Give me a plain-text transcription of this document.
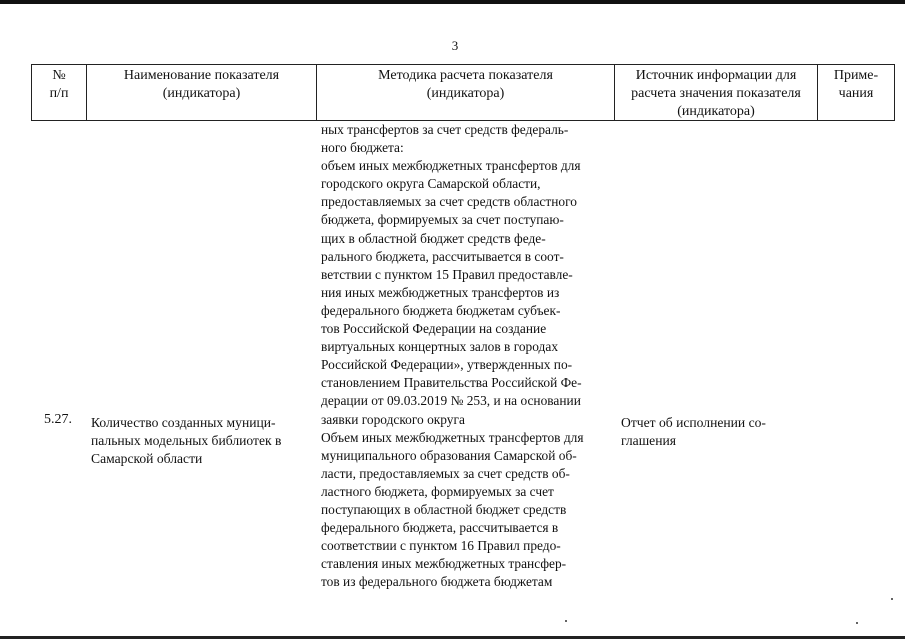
3
№
п/п
Наименование показателя
(индикатора)
Методика расчета показателя
(индикатора)
Источник информации для
расчета значения показателя
(индикатора)
Приме-
чания
ных трансфертов за счет средств федераль-
ного бюджета:
объем иных межбюджетных трансфертов для
городского округа Самарской области,
предоставляемых за счет средств областного
бюджета, формируемых за счет поступаю-
щих в областной бюджет средств феде-
рального бюджета, рассчитывается в соот-
ветствии с пунктом 15 Правил предоставле-
ния иных межбюджетных трансфертов из
федерального бюджета бюджетам субъек-
тов Российской Федерации на создание
виртуальных концертных залов в городах
Российской Федерации», утвержденных по-
становлением Правительства Российской Фе-
дерации от 09.03.2019 № 253, и на основании
заявки городского округа
Объем иных межбюджетных трансфертов для
муниципального образования Самарской об-
ласти, предоставляемых за счет средств об-
ластного бюджета, формируемых за счет
поступающих в областной бюджет средств
федерального бюджета, рассчитывается в
соответствии с пунктом 16 Правил предо-
ставления иных межбюджетных трансфер-
тов из федерального бюджета бюджетам
5.27. Количество созданных муници-
пальных модельных библиотек в
Самарской области
Отчет об исполнении со-
глашения
